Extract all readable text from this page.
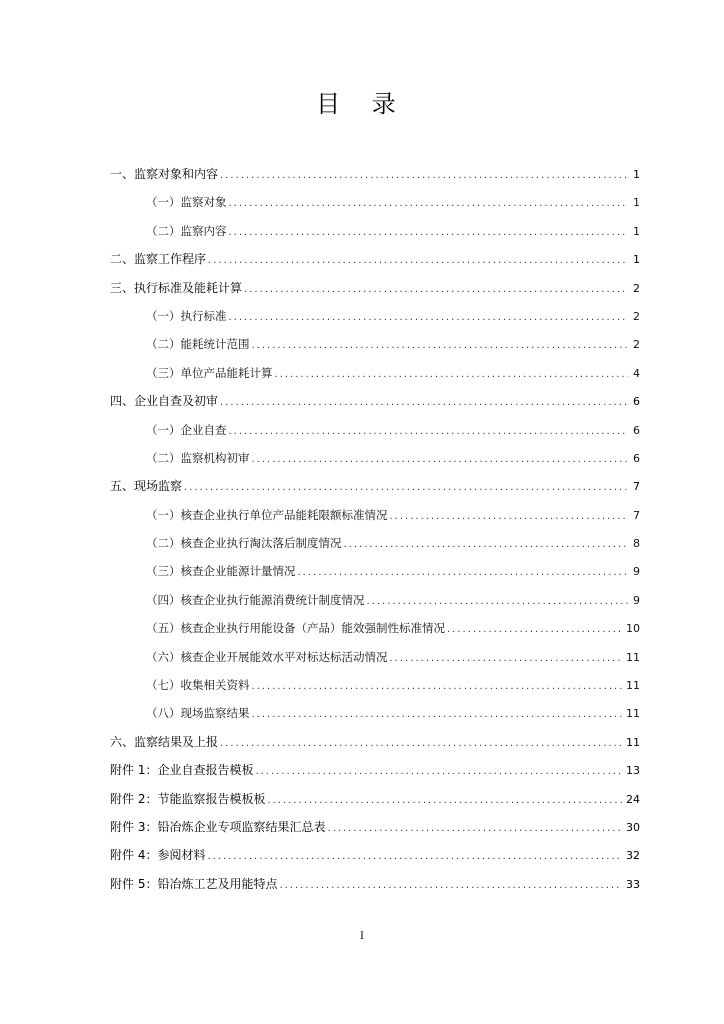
目 录
一、监察对象和内容 .....	1
（一）监察对象 .....	1
（二）监察内容 .....	1
二、监察工作程序 .....	1
三、执行标准及能耗计算 .....	2
（一）执行标准 .....	2
（二）能耗统计范围 .....	2
（三）单位产品能耗计算 .....	4
四、企业自查及初审 .....	6
（一）企业自查 .....	6
（二）监察机构初审 .....	6
五、现场监察 .....	7
（一）核查企业执行单位产品能耗限额标准情况 .....	7
（二）核查企业执行淘汰落后制度情况 .....	8
（三）核查企业能源计量情况 .....	9
（四）核查企业执行能源消费统计制度情况 .....	9
（五）核查企业执行用能设备（产品）能效强制性标准情况 .....	10
（六）核查企业开展能效水平对标达标活动情况 .....	11
（七）收集相关资料 .....	11
（八）现场监察结果 .....	11
六、监察结果及上报 .....	11
附件 1：企业自查报告模板 .....	13
附件 2：节能监察报告模板板 .....	24
附件 3：铅冶炼企业专项监察结果汇总表 .....	30
附件 4：参阅材料 .....	32
附件 5：铅冶炼工艺及用能特点 .....	33
I
